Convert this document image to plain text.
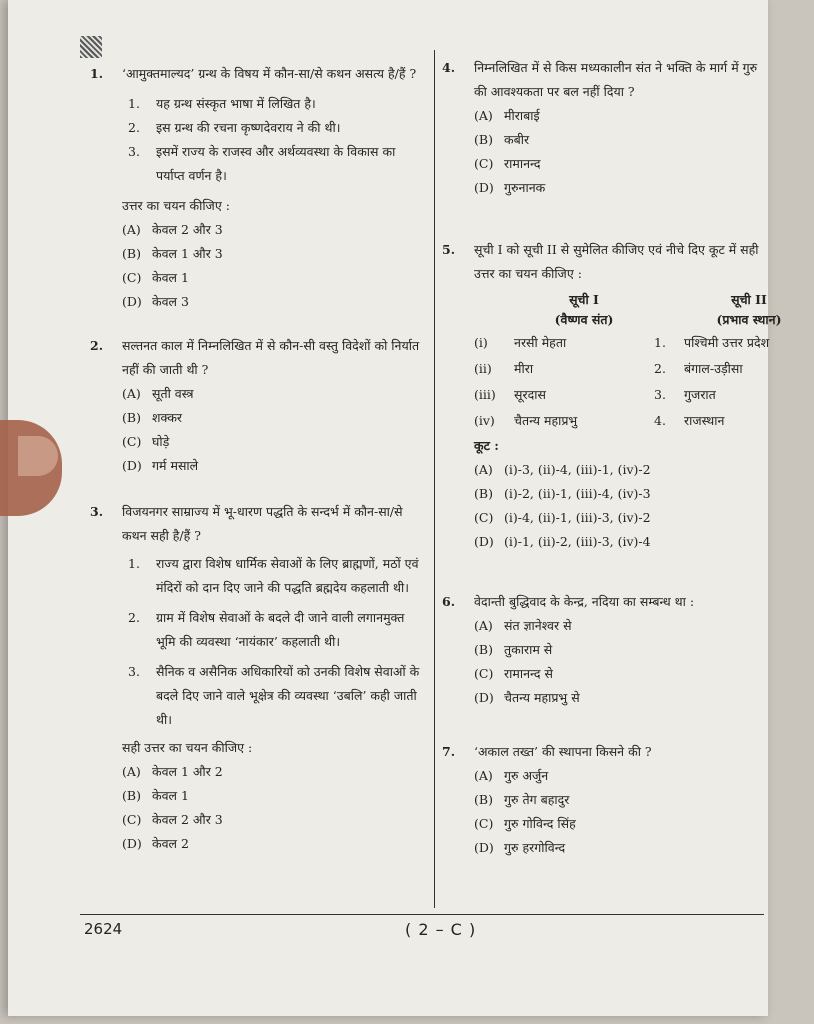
2624	( 2 – C )
1. ‘आमुक्तमाल्यद’ ग्रन्थ के विषय में कौन-सा/से कथन असत्य है/हैं ?

1.	यह ग्रन्थ संस्कृत भाषा में लिखित है।
2.	इस ग्रन्थ की रचना कृष्णदेवराय ने की थी।
3.	इसमें राज्य के राजस्व और अर्थव्यवस्था के विकास का पर्याप्त वर्णन है।

उत्तर का चयन कीजिए :

(A) केवल 2 और 3
(B) केवल 1 और 3
(C) केवल 1
(D) केवल 3
2. सल्तनत काल में निम्नलिखित में से कौन-सी वस्तु विदेशों को निर्यात नहीं की जाती थी ?

(A) सूती वस्त्र
(B) शक्कर
(C) घोड़े
(D) गर्म मसाले
3. विजयनगर साम्राज्य में भू-धारण पद्धति के सन्दर्भ में कौन-सा/से कथन सही है/हैं ?

1.	राज्य द्वारा विशेष धार्मिक सेवाओं के लिए ब्राह्मणों, मठों एवं मंदिरों को दान दिए जाने की पद्धति ब्रह्मदेय कहलाती थी।
2.	ग्राम में विशेष सेवाओं के बदले दी जाने वाली लगानमुक्त भूमि की व्यवस्था ‘नायंकार’ कहलाती थी।
3.	सैनिक व असैनिक अधिकारियों को उनकी विशेष सेवाओं के बदले दिए जाने वाले भूक्षेत्र की व्यवस्था ‘उबलि’ कही जाती थी।

सही उत्तर का चयन कीजिए :

(A) केवल 1 और 2
(B) केवल 1
(C) केवल 2 और 3
(D) केवल 2
4. निम्नलिखित में से किस मध्यकालीन संत ने भक्ति के मार्ग में गुरु की आवश्यकता पर बल नहीं दिया ?

(A) मीराबाई
(B) कबीर
(C) रामानन्द
(D) गुरुनानक
5. सूची I को सूची II से सुमेलित कीजिए एवं नीचे दिए कूट में सही उत्तर का चयन कीजिए :

सूची I	सूची II
(वैष्णव संत)	(प्रभाव स्थान)
(i)	नरसी मेहता	1.	पश्चिमी उत्तर प्रदेश
(ii)	मीरा	2.	बंगाल-उड़ीसा
(iii)	सूरदास	3.	गुजरात
(iv)	चैतन्य महाप्रभु	4.	राजस्थान

कूट :

(A) (i)-3, (ii)-4, (iii)-1, (iv)-2
(B) (i)-2, (ii)-1, (iii)-4, (iv)-3
(C) (i)-4, (ii)-1, (iii)-3, (iv)-2
(D) (i)-1, (ii)-2, (iii)-3, (iv)-4
6. वेदान्ती बुद्धिवाद के केन्द्र, नदिया का सम्बन्ध था :

(A) संत ज्ञानेश्वर से
(B) तुकाराम से
(C) रामानन्द से
(D) चैतन्य महाप्रभु से
7. ‘अकाल तख्त’ की स्थापना किसने की ?

(A) गुरु अर्जुन
(B) गुरु तेग बहादुर
(C) गुरु गोविन्द सिंह
(D) गुरु हरगोविन्द
